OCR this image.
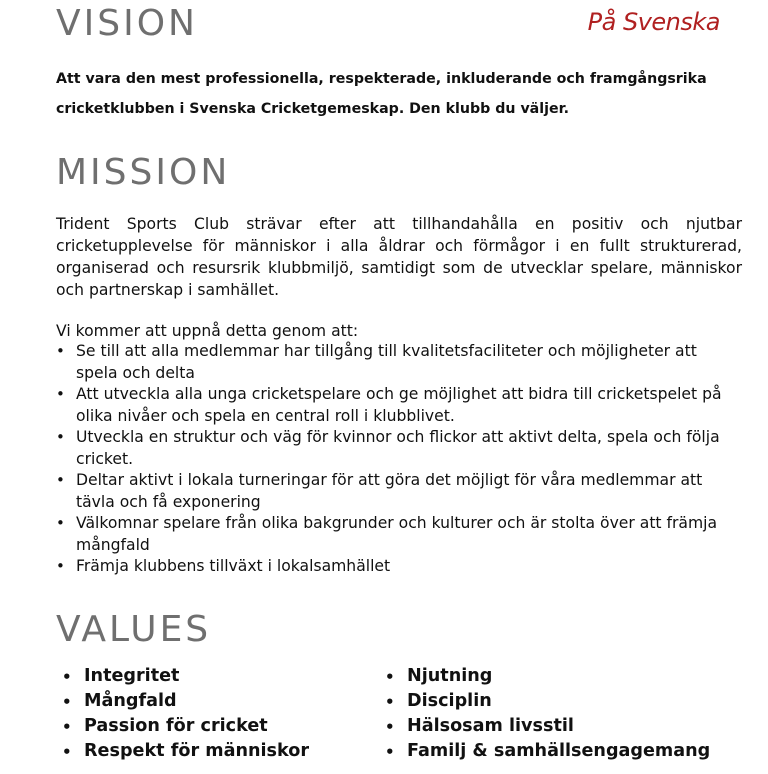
VISION	På Svenska

Att vara den mest professionella, respekterade, inkluderande och framgångsrika cricketklubben i Svenska Cricketgemeskap. Den klubb du väljer.

MISSION

Trident Sports Club strävar efter att tillhandahålla en positiv och njutbar cricketupplevelse för människor i alla åldrar och förmågor i en fullt strukturerad, organiserad och resursrik klubbmiljö, samtidigt som de utvecklar spelare, människor och partnerskap i samhället.

Vi kommer att uppnå detta genom att:

• Se till att alla medlemmar har tillgång till kvalitetsfaciliteter och möjligheter att spela och delta
• Att utveckla alla unga cricketspelare och ge möjlighet att bidra till cricketspelet på olika nivåer och spela en central roll i klubblivet.
• Utveckla en struktur och väg för kvinnor och flickor att aktivt delta, spela och följa cricket.
• Deltar aktivt i lokala turneringar för att göra det möjligt för våra medlemmar att tävla och få exponering
• Välkomnar spelare från olika bakgrunder och kulturer och är stolta över att främja mångfald
• Främja klubbens tillväxt i lokalsamhället
VALUES
• Integritet
• Mångfald
• Passion för cricket
• Respekt för människor
• Njutning
• Disciplin
• Hälsosam livsstil
• Familj & samhällsengagemang
